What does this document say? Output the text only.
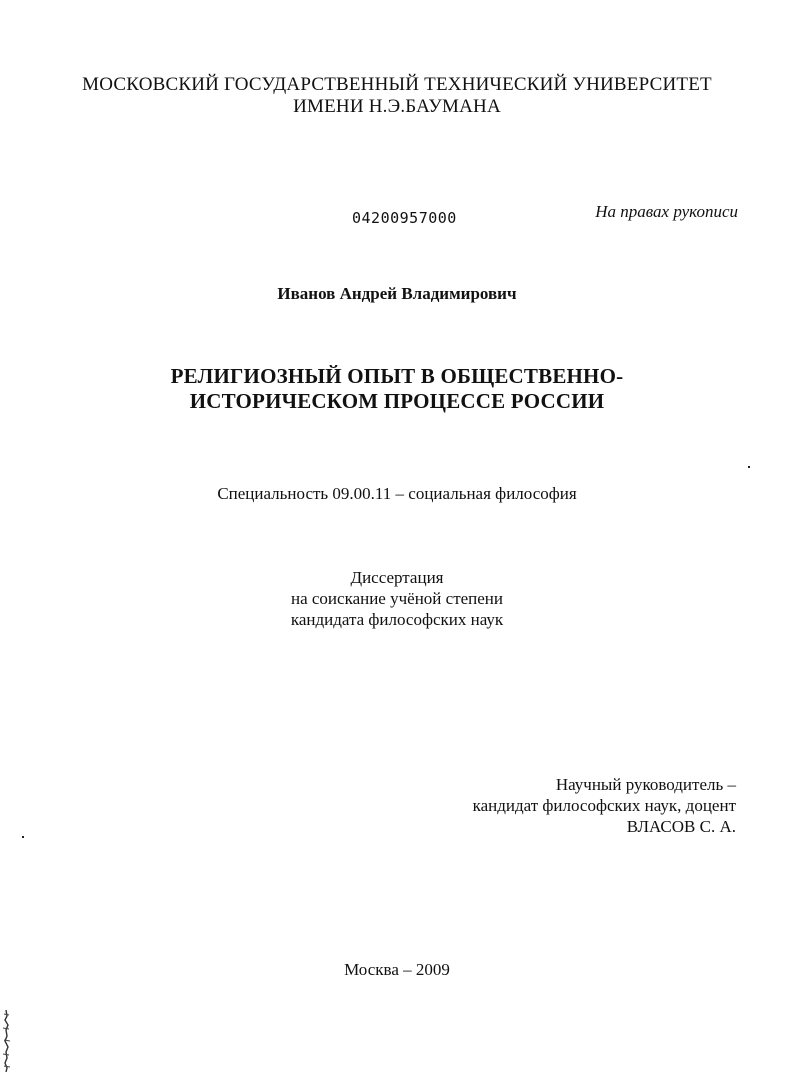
МОСКОВСКИЙ ГОСУДАРСТВЕННЫЙ ТЕХНИЧЕСКИЙ УНИВЕРСИТЕТ
ИМЕНИ Н.Э.БАУМАНА
04200957000	На правах рукописи
Иванов Андрей Владимирович
РЕЛИГИОЗНЫЙ ОПЫТ В ОБЩЕСТВЕННО-
ИСТОРИЧЕСКОМ ПРОЦЕССЕ РОССИИ
Специальность 09.00.11 – социальная философия
Диссертация
на соискание учёной степени
кандидата философских наук
Научный руководитель –
кандидат философских наук, доцент
ВЛАСОВ С. А.
Москва – 2009
